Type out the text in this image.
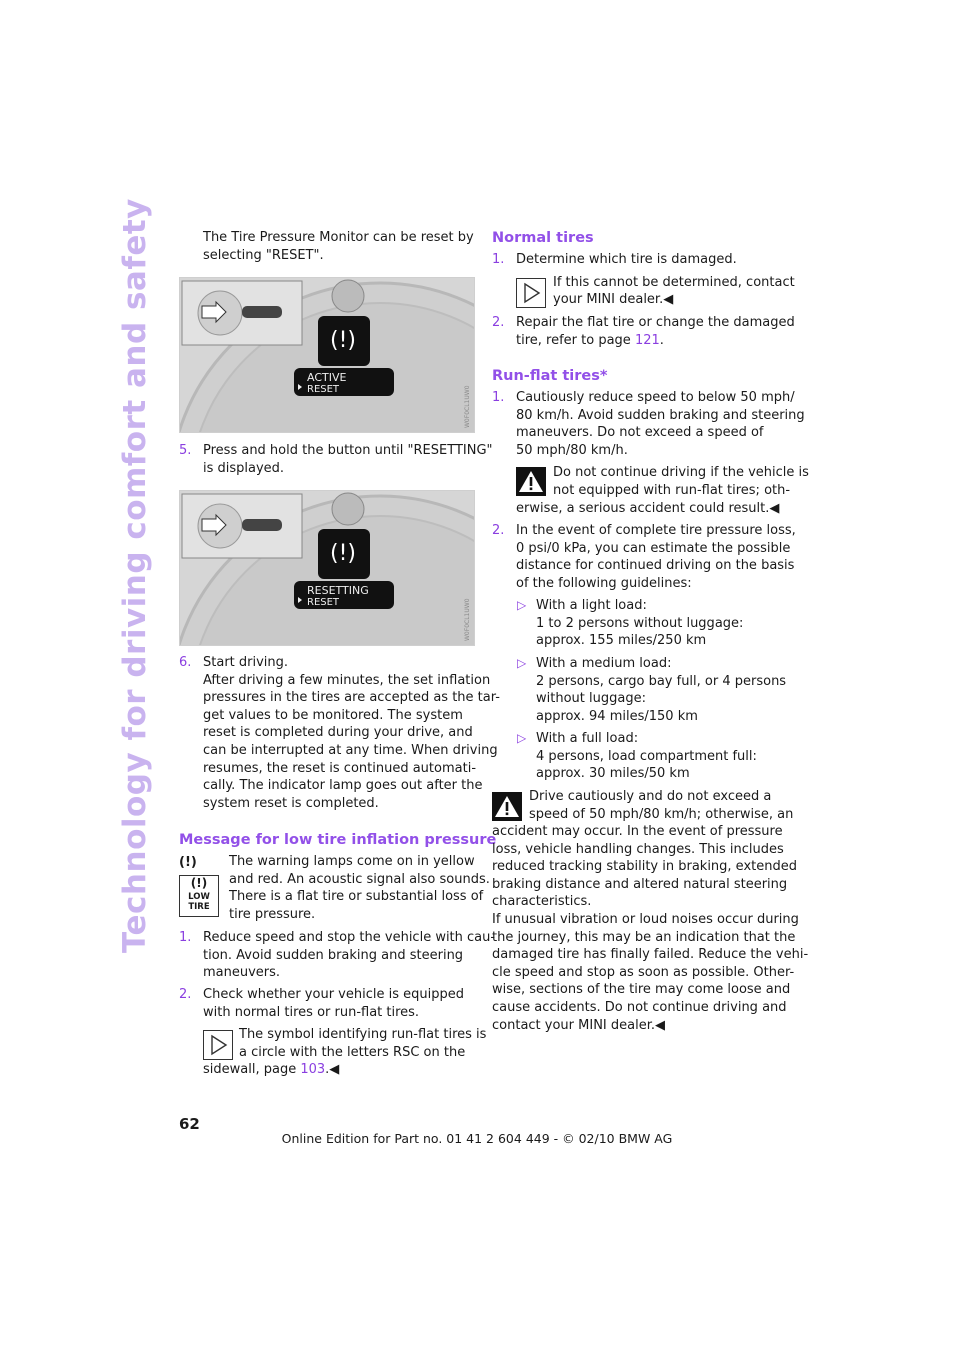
Technology for driving comfort and safety	The Tire Pressure Monitor can be reset by
selecting "RESET".
ACTIVE
RESET	W0F0CL1UW0
(!)
5. Press and hold the button until "RESETTING"
is displayed.
RESETTING
RESET	W0F0CL1UW0
(!)
6. Start driving.
After driving a few minutes, the set inflation
pressures in the tires are accepted as the tar-
get values to be monitored. The system
reset is completed during your drive, and
can be interrupted at any time. When driving
resumes, the reset is continued automati-
cally. The indicator lamp goes out after the
system reset is completed.
Message for low tire inflation pressure
(!)
(!)
LOW TIRE
The warning lamps come on in yellow
and red. An acoustic signal also sounds.
There is a flat tire or substantial loss of
tire pressure.
1. Reduce speed and stop the vehicle with cau-
tion. Avoid sudden braking and steering
maneuvers.
2. Check whether your vehicle is equipped
with normal tires or run-flat tires.
The symbol identifying run-flat tires is
a circle with the letters RSC on the
sidewall, page 103.◀
Normal tires
1. Determine which tire is damaged.
If this cannot be determined, contact
your MINI dealer.◀
2. Repair the flat tire or change the damaged
tire, refer to page 121.
Run-flat tires*
1. Cautiously reduce speed to below 50 mph/
80 km/h. Avoid sudden braking and steering
maneuvers. Do not exceed a speed of
50 mph/80 km/h.
Do not continue driving if the vehicle is
not equipped with run-flat tires; oth-
erwise, a serious accident could result.◀
2. In the event of complete tire pressure loss,
0 psi/0 kPa, you can estimate the possible
distance for continued driving on the basis
of the following guidelines:
▷ With a light load:
1 to 2 persons without luggage:
approx. 155 miles/250 km
▷ With a medium load:
2 persons, cargo bay full, or 4 persons
without luggage:
approx. 94 miles/150 km
▷ With a full load:
4 persons, load compartment full:
approx. 30 miles/50 km
Drive cautiously and do not exceed a
speed of 50 mph/80 km/h; otherwise, an
accident may occur. In the event of pressure
loss, vehicle handling changes. This includes
reduced tracking stability in braking, extended
braking distance and altered natural steering
characteristics.
If unusual vibration or loud noises occur during
the journey, this may be an indication that the
damaged tire has finally failed. Reduce the vehi-
cle speed and stop as soon as possible. Other-
wise, sections of the tire may come loose and
cause accidents. Do not continue driving and
contact your MINI dealer.◀
62
Online Edition for Part no. 01 41 2 604 449 - © 02/10 BMW AG
